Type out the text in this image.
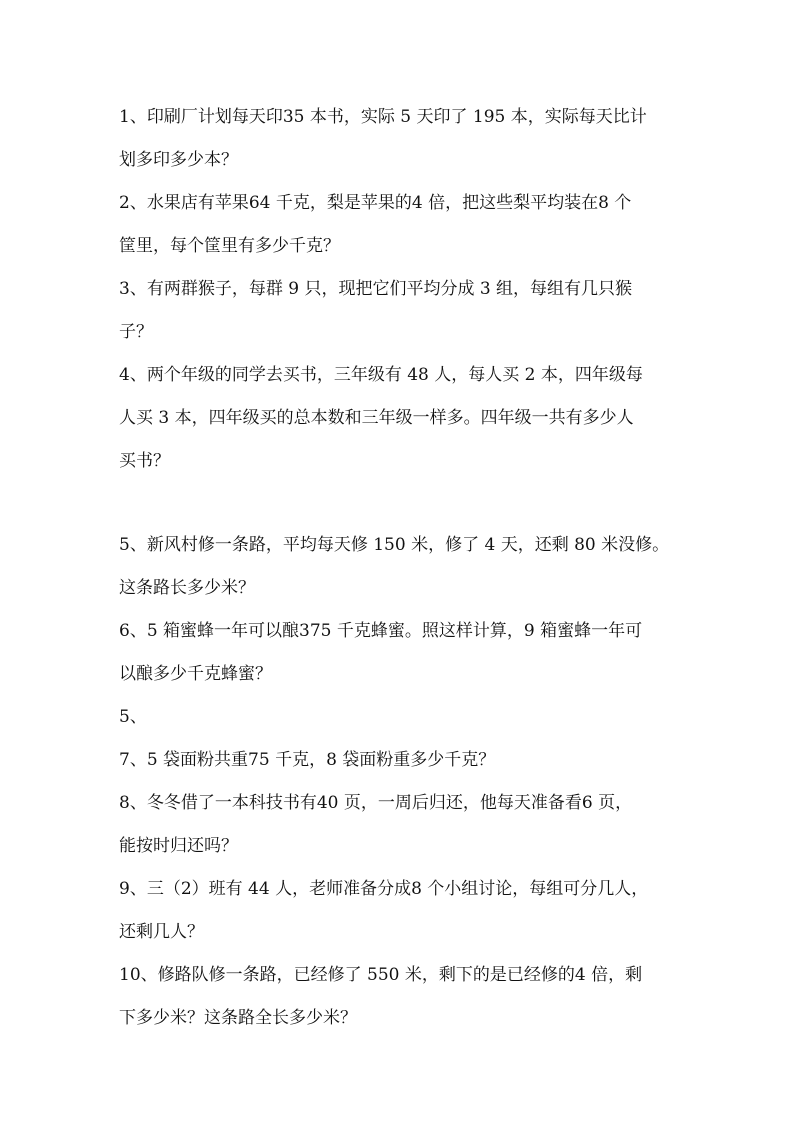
1、印刷厂计划每天印35 本书，实际 5 天印了 195 本，实际每天比计
划多印多少本？
2、水果店有苹果64 千克，梨是苹果的4 倍，把这些梨平均装在8 个
筐里，每个筐里有多少千克？
3、有两群猴子，每群 9 只，现把它们平均分成 3 组，每组有几只猴
子？
4、两个年级的同学去买书，三年级有 48 人，每人买 2 本，四年级每
人买 3 本，四年级买的总本数和三年级一样多。四年级一共有多少人
买书？
5、新风村修一条路，平均每天修 150 米，修了 4 天，还剩 80 米没修。
这条路长多少米？
6、5 箱蜜蜂一年可以酿375 千克蜂蜜。照这样计算，9 箱蜜蜂一年可
以酿多少千克蜂蜜？
5、
7、5 袋面粉共重75 千克，8 袋面粉重多少千克？
8、冬冬借了一本科技书有40 页，一周后归还，他每天准备看6 页，
能按时归还吗？
9、三（2）班有 44 人，老师准备分成8 个小组讨论，每组可分几人，
还剩几人？
10、修路队修一条路，已经修了 550 米，剩下的是已经修的4 倍，剩
下多少米？这条路全长多少米？
